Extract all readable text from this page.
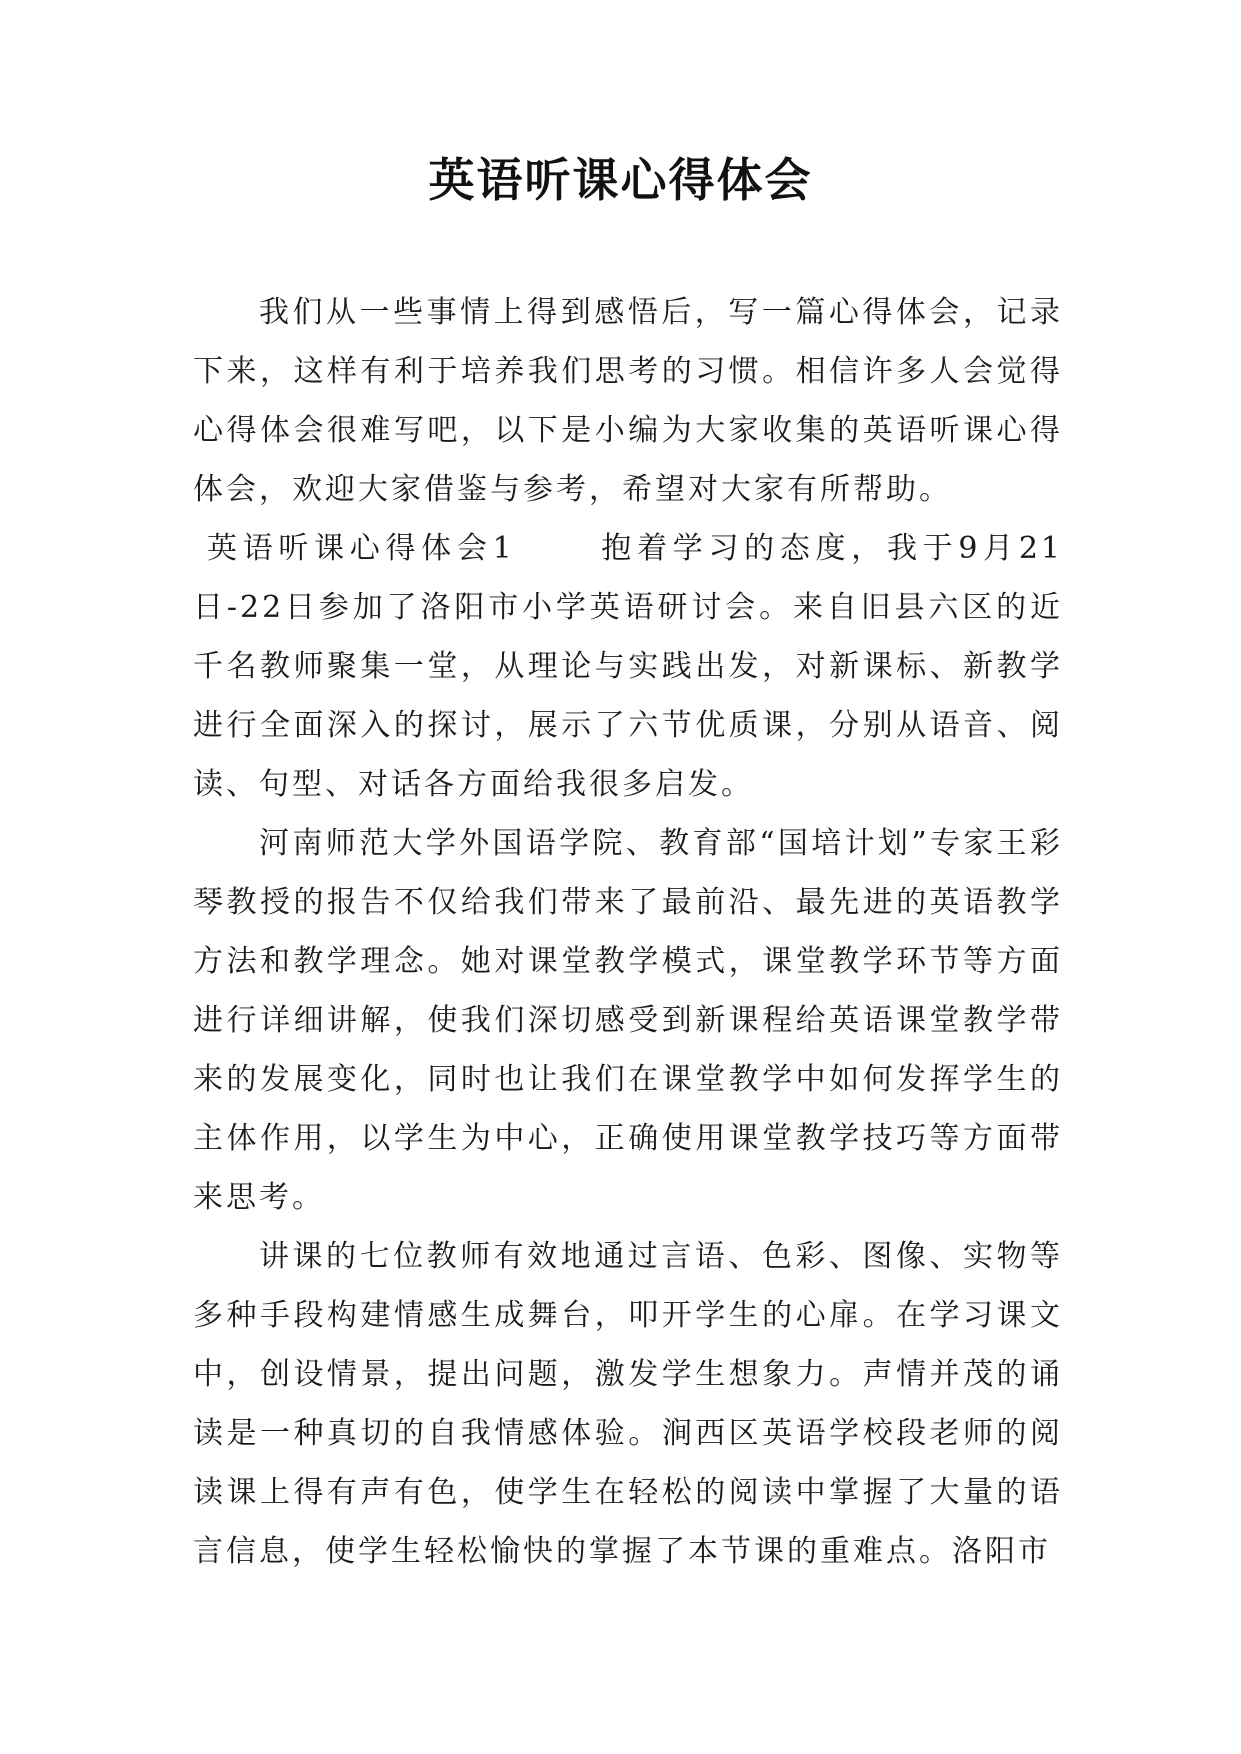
英语听课心得体会

我们从一些事情上得到感悟后，写一篇心得体会，记录下来，这样有利于培养我们思考的习惯。相信许多人会觉得心得体会很难写吧，以下是小编为大家收集的英语听课心得体会，欢迎大家借鉴与参考，希望对大家有所帮助。

英语听课心得体会1	抱着学习的态度，我于9月21日-22日参加了洛阳市小学英语研讨会。来自旧县六区的近千名教师聚集一堂，从理论与实践出发，对新课标、新教学进行全面深入的探讨，展示了六节优质课，分别从语音、阅读、句型、对话各方面给我很多启发。

河南师范大学外国语学院、教育部“国培计划”专家王彩琴教授的报告不仅给我们带来了最前沿、最先进的英语教学方法和教学理念。她对课堂教学模式，课堂教学环节等方面进行详细讲解，使我们深切感受到新课程给英语课堂教学带来的发展变化，同时也让我们在课堂教学中如何发挥学生的主体作用，以学生为中心，正确使用课堂教学技巧等方面带来思考。

讲课的七位教师有效地通过言语、色彩、图像、实物等多种手段构建情感生成舞台，叩开学生的心扉。在学习课文中，创设情景，提出问题，激发学生想象力。声情并茂的诵读是一种真切的自我情感体验。涧西区英语学校段老师的阅读课上得有声有色，使学生在轻松的阅读中掌握了大量的语言信息，使学生轻松愉快的掌握了本节课的重难点。洛阳市
